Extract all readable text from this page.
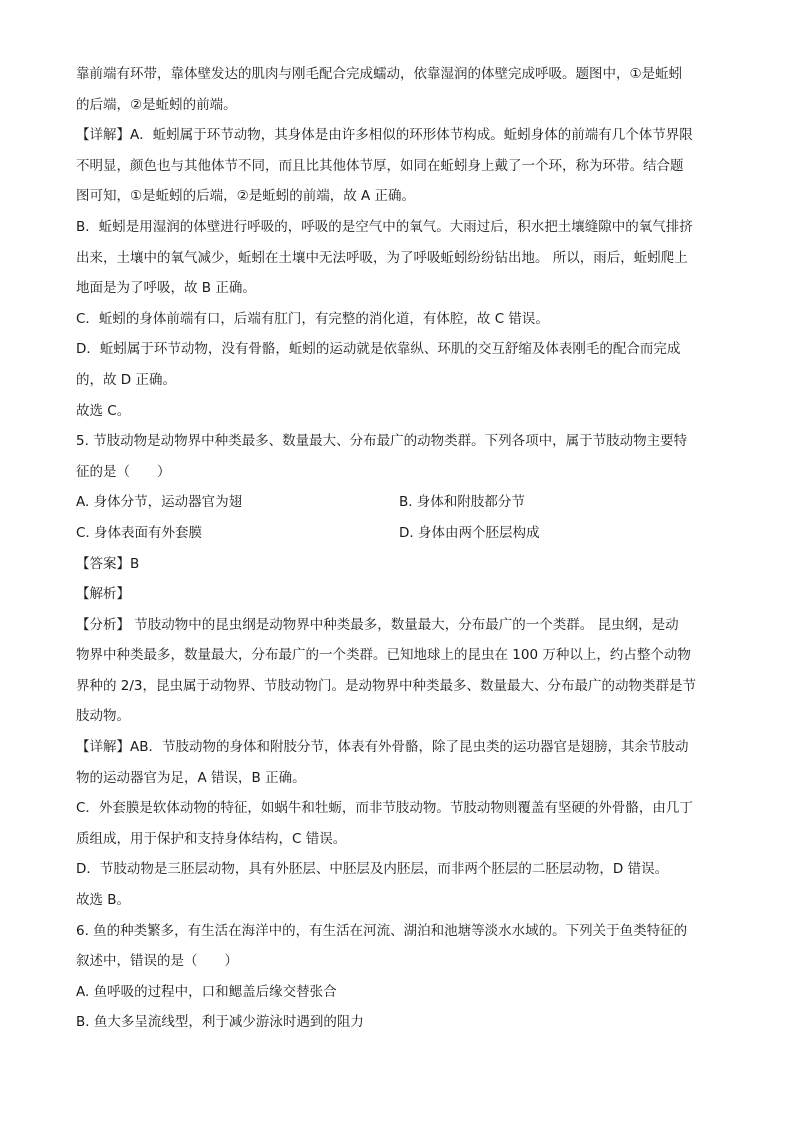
靠前端有环带，靠体壁发达的肌肉与刚毛配合完成蠕动，依靠湿润的体壁完成呼吸。题图中，①是蚯蚓
的后端，②是蚯蚓的前端。
【详解】A．蚯蚓属于环节动物，其身体是由许多相似的环形体节构成。蚯蚓身体的前端有几个体节界限
不明显，颜色也与其他体节不同，而且比其他体节厚，如同在蚯蚓身上戴了一个环，称为环带。结合题
图可知，①是蚯蚓的后端，②是蚯蚓的前端，故 A 正确。
B．蚯蚓是用湿润的体壁进行呼吸的，呼吸的是空气中的氧气。大雨过后，积水把土壤缝隙中的氧气排挤
出来，土壤中的氧气减少，蚯蚓在土壤中无法呼吸，为了呼吸蚯蚓纷纷钻出地。 所以，雨后，蚯蚓爬上
地面是为了呼吸，故 B 正确。
C．蚯蚓的身体前端有口，后端有肛门，有完整的消化道，有体腔，故 C 错误。
D．蚯蚓属于环节动物，没有骨骼，蚯蚓的运动就是依靠纵、环肌的交互舒缩及体表刚毛的配合而完成
的，故 D 正确。
故选 C。
5. 节肢动物是动物界中种类最多、数量最大、分布最广的动物类群。下列各项中，属于节肢动物主要特
征的是（　　）
A. 身体分节，运动器官为翅	B. 身体和附肢都分节
C. 身体表面有外套膜	D. 身体由两个胚层构成
【答案】B
【解析】
【分析】 节肢动物中的昆虫纲是动物界中种类最多，数量最大，分布最广的一个类群。 昆虫纲，是动
物界中种类最多，数量最大，分布最广的一个类群。已知地球上的昆虫在 100 万种以上，约占整个动物
界种的 2/3，昆虫属于动物界、节肢动物门。是动物界中种类最多、数量最大、分布最广的动物类群是节
肢动物。
【详解】AB．节肢动物的身体和附肢分节，体表有外骨骼，除了昆虫类的运功器官是翅膀，其余节肢动
物的运动器官为足，A 错误，B 正确。
C．外套膜是软体动物的特征，如蜗牛和牡蛎，而非节肢动物。节肢动物则覆盖有坚硬的外骨骼，由几丁
质组成，用于保护和支持身体结构，C 错误。
D．节肢动物是三胚层动物，具有外胚层、中胚层及内胚层，而非两个胚层的二胚层动物，D 错误。
故选 B。
6. 鱼的种类繁多，有生活在海洋中的，有生活在河流、湖泊和池塘等淡水水域的。下列关于鱼类特征的
叙述中，错误的是（　　）
A. 鱼呼吸的过程中，口和鳃盖后缘交替张合
B. 鱼大多呈流线型，利于减少游泳时遇到的阻力
